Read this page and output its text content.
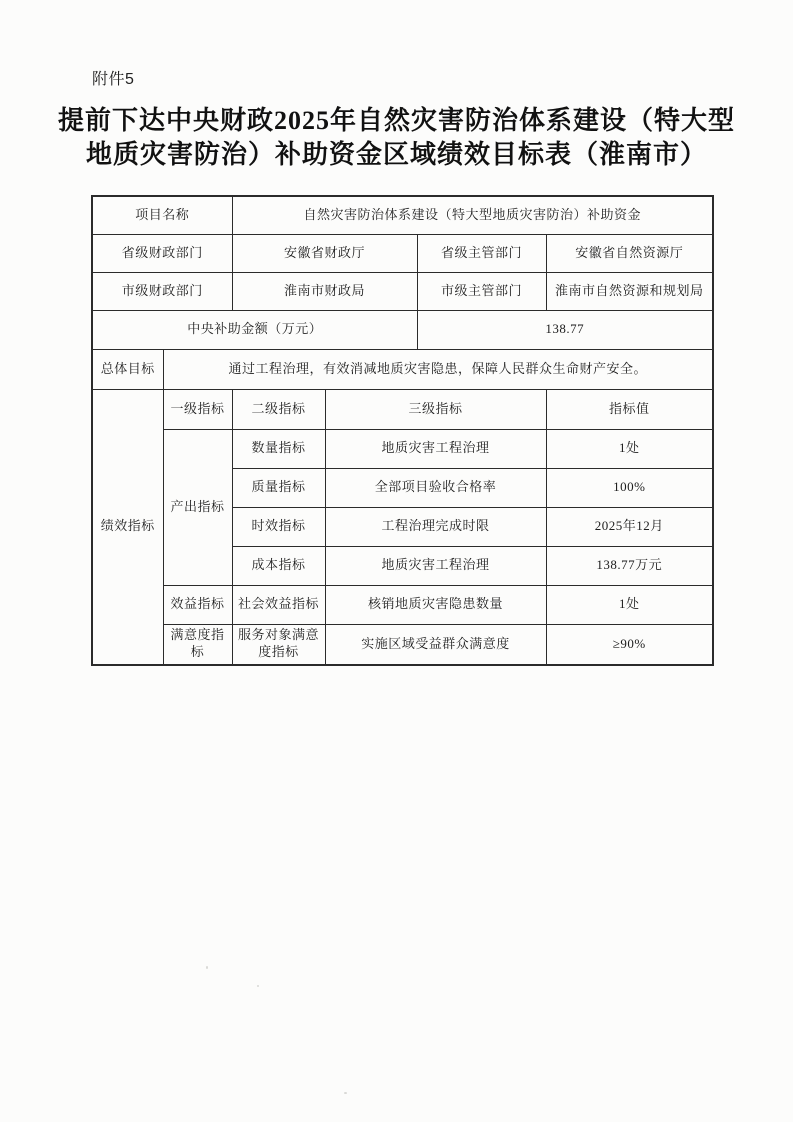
附件5
提前下达中央财政2025年自然灾害防治体系建设（特大型
地质灾害防治）补助资金区域绩效目标表（淮南市）
项目名称		自然灾害防治体系建设（特大型地质灾害防治）补助资金			
省级财政部门		安徽省财政厅		省级主管部门	安徽省自然资源厅
市级财政部门		淮南市财政局		市级主管部门	淮南市自然资源和规划局
中央补助金额（万元）				138.77	
总体目标	通过工程治理，有效消减地质灾害隐患，保障人民群众生命财产安全。				
绩效指标	一级指标	二级指标	三级指标		指标值
	产出指标	数量指标	地质灾害工程治理		1处
		质量指标	全部项目验收合格率		100%
		时效指标	工程治理完成时限		2025年12月
		成本指标	地质灾害工程治理		138.77万元
	效益指标	社会效益指标	核销地质灾害隐患数量		1处
	满意度指标	服务对象满意度指标	实施区域受益群众满意度		≥90%
